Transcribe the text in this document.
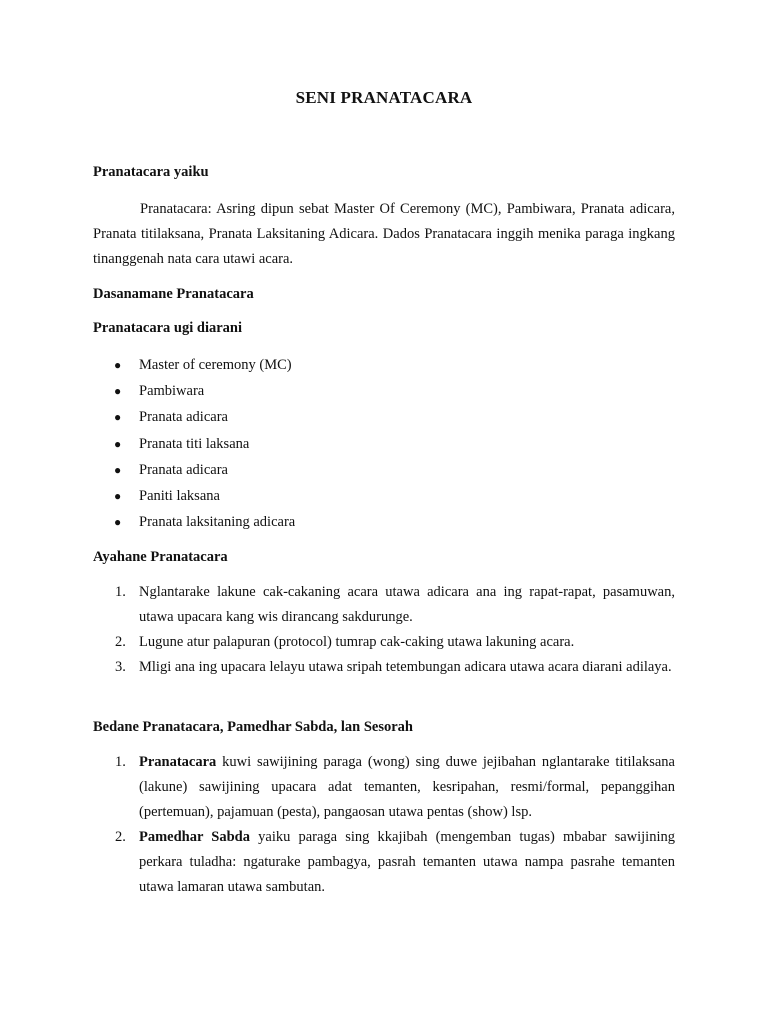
SENI PRANATACARA
Pranatacara yaiku
Pranatacara: Asring dipun sebat Master Of Ceremony (MC), Pambiwara, Pranata adicara, Pranata titilaksana, Pranata Laksitaning Adicara. Dados Pranatacara inggih menika paraga ingkang tinanggenah nata cara utawi acara.
Dasanamane Pranatacara
Pranatacara ugi diarani
● Master of ceremony (MC)
● Pambiwara
● Pranata adicara
● Pranata titi laksana
● Pranata adicara
● Paniti laksana
● Pranata laksitaning adicara
Ayahane Pranatacara
1. Nglantarake lakune cak-cakaning acara utawa adicara ana ing rapat-rapat, pasamuwan, utawa upacara kang wis dirancang sakdurunge.
2. Lugune atur palapuran (protocol) tumrap cak-caking utawa lakuning acara.
3. Mligi ana ing upacara lelayu utawa sripah tetembungan adicara utawa acara diarani adilaya.
Bedane Pranatacara, Pamedhar Sabda, lan Sesorah
1. Pranatacara kuwi sawijining paraga (wong) sing duwe jejibahan nglantarake titilaksana (lakune) sawijining upacara adat temanten, kesripahan, resmi/formal, pepanggihan (pertemuan), pajamuan (pesta), pangaosan utawa pentas (show) lsp.
2. Pamedhar Sabda yaiku paraga sing kkajibah (mengemban tugas) mbabar sawijining perkara tuladha: ngaturake pambagya, pasrah temanten utawa nampa pasrahe temanten utawa lamaran utawa sambutan.
